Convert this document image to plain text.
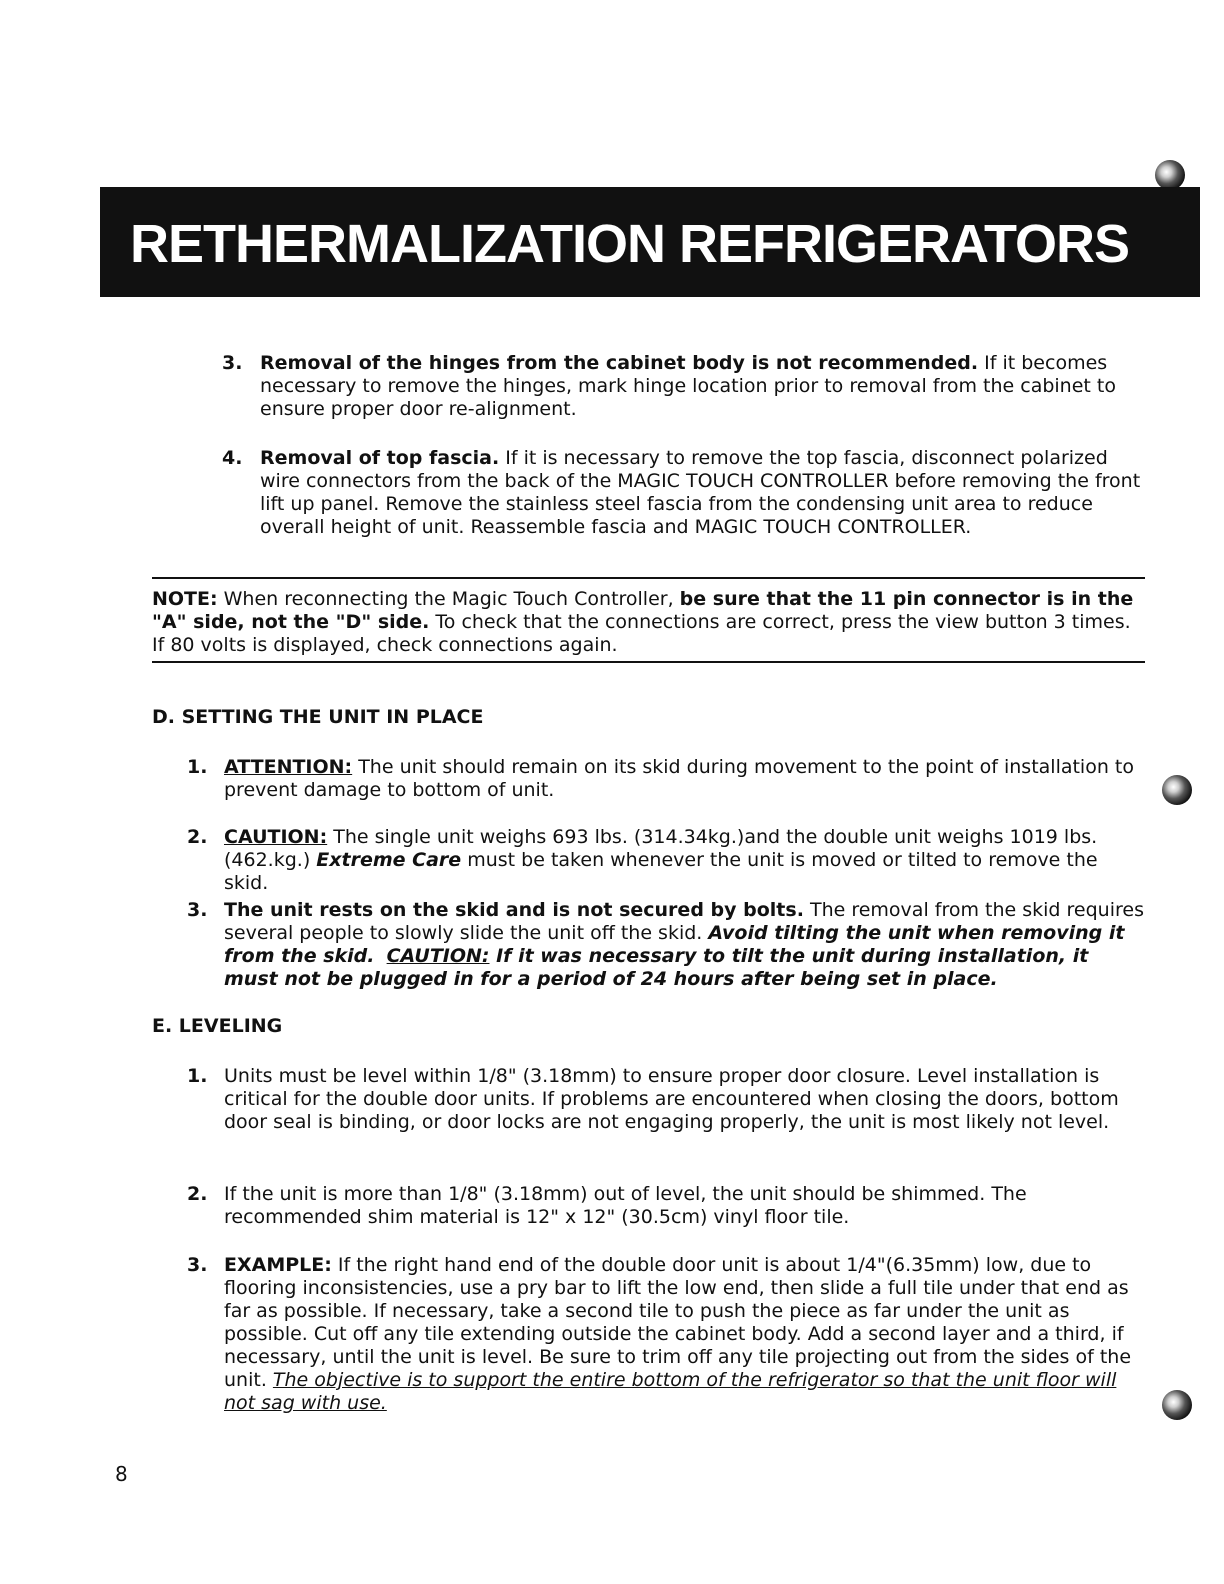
RETHERMALIZATION REFRIGERATORS
3. Removal of the hinges from the cabinet body is not recommended. If it becomes necessary to remove the hinges, mark hinge location prior to removal from the cabinet to ensure proper door re-alignment.
4. Removal of top fascia. If it is necessary to remove the top fascia, disconnect polarized wire connectors from the back of the MAGIC TOUCH CONTROLLER before removing the front lift up panel. Remove the stainless steel fascia from the condensing unit area to reduce overall height of unit. Reassemble fascia and MAGIC TOUCH CONTROLLER.
NOTE: When reconnecting the Magic Touch Controller, be sure that the 11 pin connector is in the "A" side, not the "D" side. To check that the connections are correct, press the view button 3 times. If 80 volts is displayed, check connections again.
D. SETTING THE UNIT IN PLACE
1. ATTENTION: The unit should remain on its skid during movement to the point of installation to prevent damage to bottom of unit.
2. CAUTION: The single unit weighs 693 lbs. (314.34kg.)and the double unit weighs 1019 lbs. (462.kg.) Extreme Care must be taken whenever the unit is moved or tilted to remove the skid.
3. The unit rests on the skid and is not secured by bolts. The removal from the skid requires several people to slowly slide the unit off the skid. Avoid tilting the unit when removing it from the skid. CAUTION: If it was necessary to tilt the unit during installation, it must not be plugged in for a period of 24 hours after being set in place.
E. LEVELING
1. Units must be level within 1/8" (3.18mm) to ensure proper door closure. Level installation is critical for the double door units. If problems are encountered when closing the doors, bottom door seal is binding, or door locks are not engaging properly, the unit is most likely not level.
2. If the unit is more than 1/8" (3.18mm) out of level, the unit should be shimmed. The recommended shim material is 12" x 12" (30.5cm) vinyl floor tile.
3. EXAMPLE: If the right hand end of the double door unit is about 1/4"(6.35mm) low, due to flooring inconsistencies, use a pry bar to lift the low end, then slide a full tile under that end as far as possible. If necessary, take a second tile to push the piece as far under the unit as possible. Cut off any tile extending outside the cabinet body. Add a second layer and a third, if necessary, until the unit is level. Be sure to trim off any tile projecting out from the sides of the unit. The objective is to support the entire bottom of the refrigerator so that the unit floor will not sag with use.
8
